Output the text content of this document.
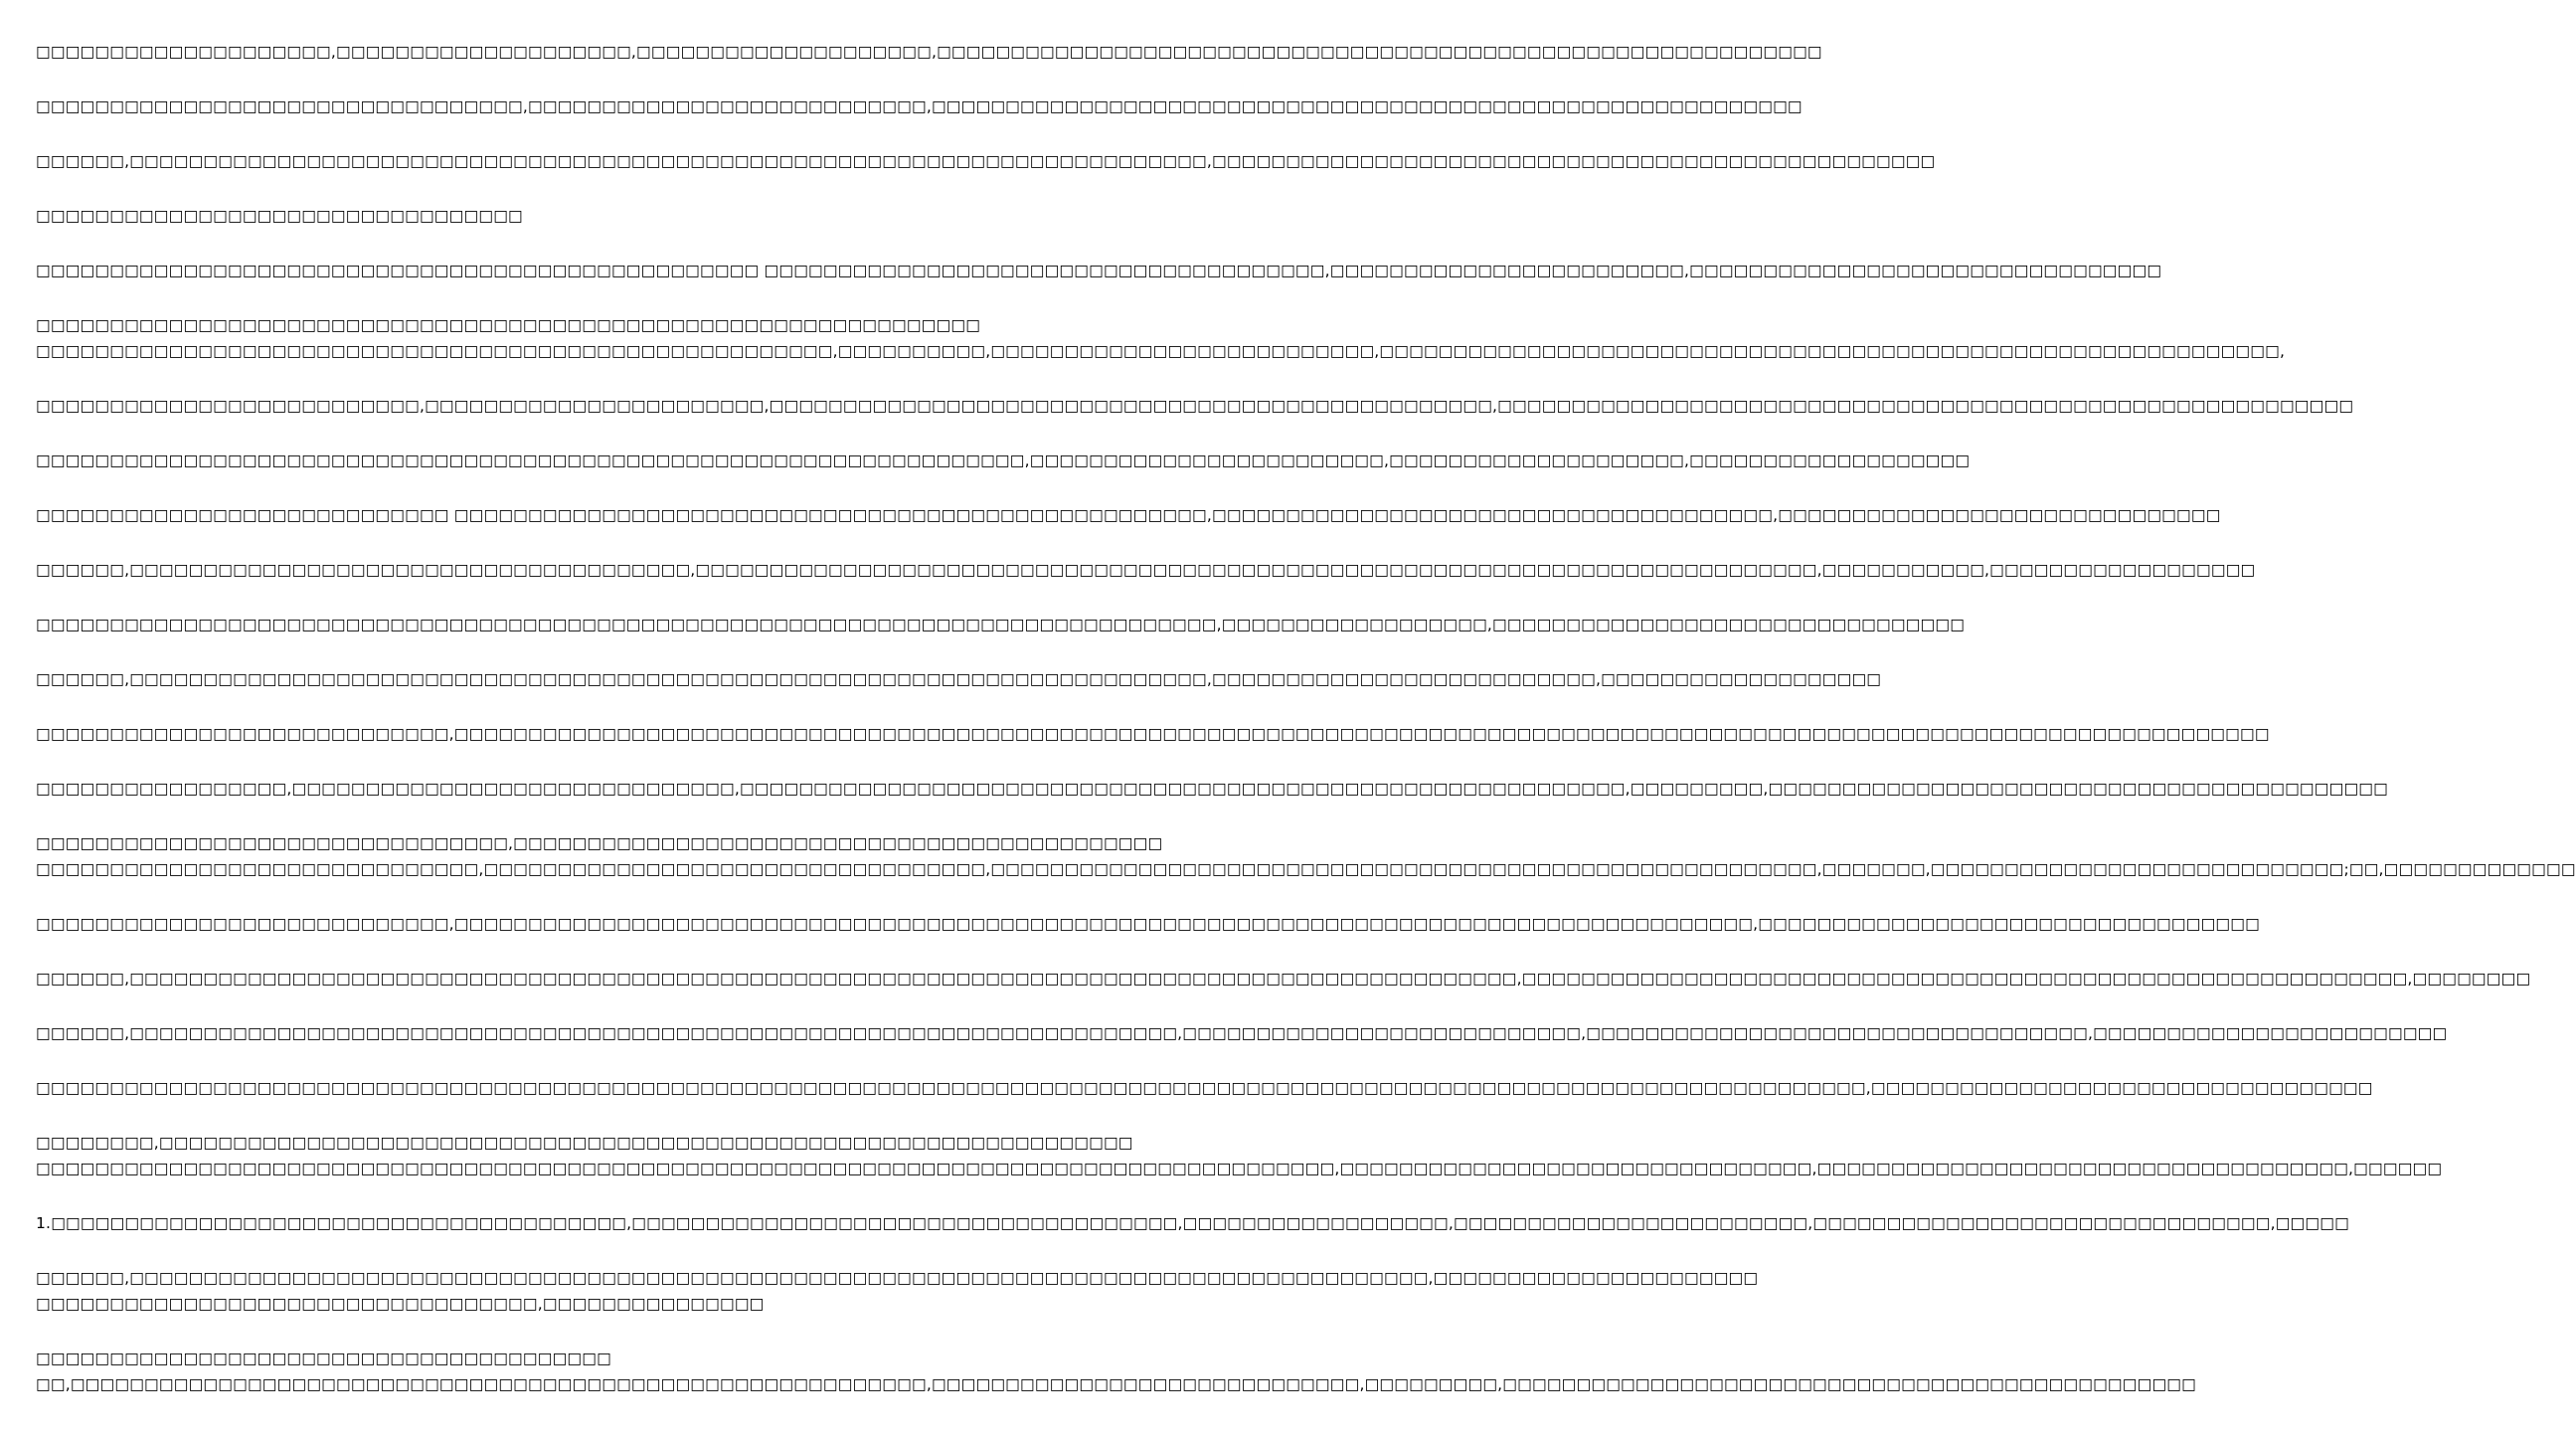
□□□□□□□□□□□□□□□□□□□□,□□□□□□□□□□□□□□□□□□□□,□□□□□□□□□□□□□□□□□□□□,□□□□□□□□□□□□□□□□□□□□□□□□□□□□□□□□□□□□□□□□□□□□□□□□□□□□□□□□□□□□
□□□□□□□□□□□□□□□□□□□□□□□□□□□□□□□□□,□□□□□□□□□□□□□□□□□□□□□□□□□□□,□□□□□□□□□□□□□□□□□□□□□□□□□□□□□□□□□□□□□□□□□□□□□□□□□□□□□□□□□□□
□□□□□□,□□□□□□□□□□□□□□□□□□□□□□□□□□□□□□□□□□□□□□□□□□□□□□□□□□□□□□□□□□□□□□□□□□□□□□□□□,□□□□□□□□□□□□□□□□□□□□□□□□□□□□□□□□□□□□□□□□□□□□□□□□□
□□□□□□□□□□□□□□□□□□□□□□□□□□□□□□□□□
□□□□□□□□□□□□□□□□□□□□□□□□□□□□□□□□□□□□□□□□□□□□□□□□□ □□□□□□□□□□□□□□□□□□□□□□□□□□□□□□□□□□□□□□,□□□□□□□□□□□□□□□□□□□□□□□□,□□□□□□□□□□□□□□□□□□□□□□□□□□□□□□□□
□□□□□□□□□□□□□□□□□□□□□□□□□□□□□□□□□□□□□□□□□□□□□□□□□□□□□□□□□□□□□□□□
□□□□□□□□□□□□□□□□□□□□□□□□□□□□□□□□□□□□□□□□□□□□□□□□□□□□□□,□□□□□□□□□□,□□□□□□□□□□□□□□□□□□□□□□□□□□,□□□□□□□□□□□□□□□□□□□□□□□□□□□□□□□□□□□□□□□□□□□□□□□□□□□□□□□□□□□□□,
□□□□□□□□□□□□□□□□□□□□□□□□□□,□□□□□□□□□□□□□□□□□□□□□□□,□□□□□□□□□□□□□□□□□□□□□□□□□□□□□□□□□□□□□□□□□□□□□□□□□,□□□□□□□□□□□□□□□□□□□□□□□□□□□□□□□□□□□□□□□□□□□□□□□□□□□□□□□□□□
□□□□□□□□□□□□□□□□□□□□□□□□□□□□□□□□□□□□□□□□□□□□□□□□□□□□□□□□□□□□□□□□□□□,□□□□□□□□□□□□□□□□□□□□□□□□,□□□□□□□□□□□□□□□□□□□□,□□□□□□□□□□□□□□□□□□□
□□□□□□□□□□□□□□□□□□□□□□□□□□□□ □□□□□□□□□□□□□□□□□□□□□□□□□□□□□□□□□□□□□□□□□□□□□□□□□□□,□□□□□□□□□□□□□□□□□□□□□□□□□□□□□□□□□□□□□□,□□□□□□□□□□□□□□□□□□□□□□□□□□□□□□
□□□□□□,□□□□□□□□□□□□□□□□□□□□□□□□□□□□□□□□□□□□□□,□□□□□□□□□□□□□□□□□□□□□□□□□□□□□□□□□□□□□□□□□□□□□□□□□□□□□□□□□□□□□□□□□□□□□□□□□□□□,□□□□□□□□□□□,□□□□□□□□□□□□□□□□□□
□□□□□□□□□□□□□□□□□□□□□□□□□□□□□□□□□□□□□□□□□□□□□□□□□□□□□□□□□□□□□□□□□□□□□□□□□□□□□□□□,□□□□□□□□□□□□□□□□□□,□□□□□□□□□□□□□□□□□□□□□□□□□□□□□□□□
□□□□□□,□□□□□□□□□□□□□□□□□□□□□□□□□□□□□□□□□□□□□□□□□□□□□□□□□□□□□□□□□□□□□□□□□□□□□□□□□,□□□□□□□□□□□□□□□□□□□□□□□□□□,□□□□□□□□□□□□□□□□□□□
□□□□□□□□□□□□□□□□□□□□□□□□□□□□,□□□□□□□□□□□□□□□□□□□□□□□□□□□□□□□□□□□□□□□□□□□□□□□□□□□□□□□□□□□□□□□□□□□□□□□□□□□□□□□□□□□□□□□□□□□□□□□□□□□□□□□□□□□□□□□□□□□□□□□□□□□
□□□□□□□□□□□□□□□□□,□□□□□□□□□□□□□□□□□□□□□□□□□□□□□□,□□□□□□□□□□□□□□□□□□□□□□□□□□□□□□□□□□□□□□□□□□□□□□□□□□□□□□□□□□□□,□□□□□□□□□,□□□□□□□□□□□□□□□□□□□□□□□□□□□□□□□□□□□□□□□□□□
□□□□□□□□□□□□□□□□□□□□□□□□□□□□□□□□,□□□□□□□□□□□□□□□□□□□□□□□□□□□□□□□□□□□□□□□□□□□□
□□□□□□□□□□□□□□□□□□□□□□□□□□□□□□,□□□□□□□□□□□□□□□□□□□□□□□□□□□□□□□□□□,□□□□□□□□□□□□□□□□□□□□□□□□□□□□□□□□□□□□□□□□□□□□□□□□□□□□□□□□,□□□□□□□,□□□□□□□□□□□□□□□□□□□□□□□□□□□□;□□,□□□□□□□□□□□□□
□□□□□□□□□□□□□□□□□□□□□□□□□□□□,□□□□□□□□□□□□□□□□□□□□□□□□□□□□□□□□□□□□□□□□□□□□□□□□□□□□□□□□□□□□□□□□□□□□□□□□□□□□□□□□□□□□□□□□,□□□□□□□□□□□□□□□□□□□□□□□□□□□□□□□□□□
□□□□□□,□□□□□□□□□□□□□□□□□□□□□□□□□□□□□□□□□□□□□□□□□□□□□□□□□□□□□□□□□□□□□□□□□□□□□□□□□□□□□□□□□□□□□□□□□□□□□□,□□□□□□□□□□□□□□□□□□□□□□□□□□□□□□□□□□□□□□□□□□□□□□□□□□□□□□□□□□□□,□□□□□□□□
□□□□□□,□□□□□□□□□□□□□□□□□□□□□□□□□□□□□□□□□□□□□□□□□□□□□□□□□□□□□□□□□□□□□□□□□□□□□□□,□□□□□□□□□□□□□□□□□□□□□□□□□□□,□□□□□□□□□□□□□□□□□□□□□□□□□□□□□□□□□□,□□□□□□□□□□□□□□□□□□□□□□□□
□□□□□□□□□□□□□□□□□□□□□□□□□□□□□□□□□□□□□□□□□□□□□□□□□□□□□□□□□□□□□□□□□□□□□□□□□□□□□□□□□□□□□□□□□□□□□□□□□□□□□□□□□□□□□□□□□□□□□□□□□□□□,□□□□□□□□□□□□□□□□□□□□□□□□□□□□□□□□□□
□□□□□□□□,□□□□□□□□□□□□□□□□□□□□□□□□□□□□□□□□□□□□□□□□□□□□□□□□□□□□□□□□□□□□□□□□□□
□□□□□□□□□□□□□□□□□□□□□□□□□□□□□□□□□□□□□□□□□□□□□□□□□□□□□□□□□□□□□□□□□□□□□□□□□□□□□□□□□□□□□□□□,□□□□□□□□□□□□□□□□□□□□□□□□□□□□□□□□,□□□□□□□□□□□□□□□□□□□□□□□□□□□□□□□□□□□□,□□□□□□
1.□□□□□□□□□□□□□□□□□□□□□□□□□□□□□□□□□□□□□□□,□□□□□□□□□□□□□□□□□□□□□□□□□□□□□□□□□□□□□,□□□□□□□□□□□□□□□□□□,□□□□□□□□□□□□□□□□□□□□□□□□,□□□□□□□□□□□□□□□□□□□□□□□□□□□□□□□,□□□□□
□□□□□□,□□□□□□□□□□□□□□□□□□□□□□□□□□□□□□□□□□□□□□□□□□□□□□□□□□□□□□□□□□□□□□□□□□□□□□□□□□□□□□□□□□□□□□□□,□□□□□□□□□□□□□□□□□□□□□□
□□□□□□□□□□□□□□□□□□□□□□□□□□□□□□□□□□,□□□□□□□□□□□□□□□
□□□□□□□□□□□□□□□□□□□□□□□□□□□□□□□□□□□□□□□
□□,□□□□□□□□□□□□□□□□□□□□□□□□□□□□□□□□□□□□□□□□□□□□□□□□□□□□□□□□□□,□□□□□□□□□□□□□□□□□□□□□□□□□□□□□,□□□□□□□□□,□□□□□□□□□□□□□□□□□□□□□□□□□□□□□□□□□□□□□□□□□□□□□□□
